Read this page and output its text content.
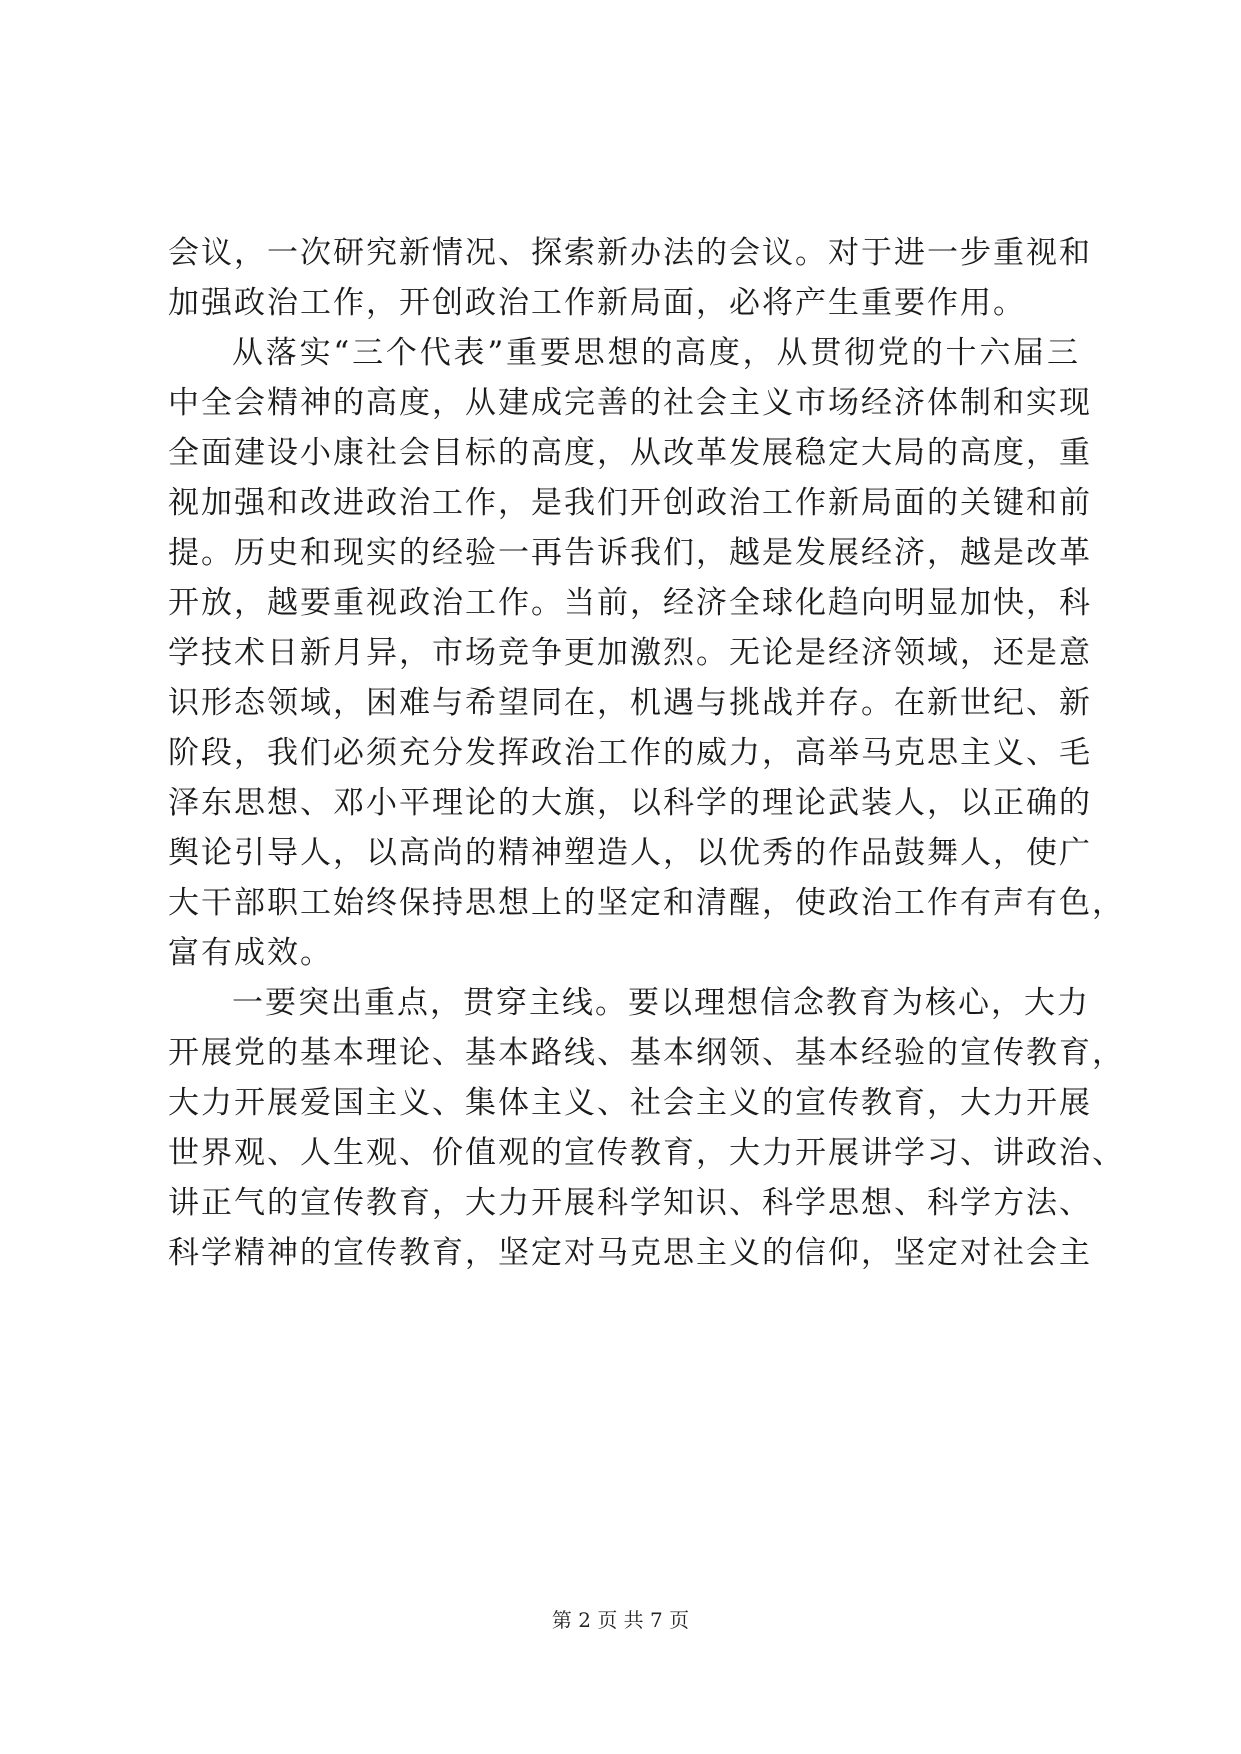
会议，一次研究新情况、探索新办法的会议。对于进一步重视和
加强政治工作，开创政治工作新局面，必将产生重要作用。
从落实“三个代表”重要思想的高度，从贯彻党的十六届三
中全会精神的高度，从建成完善的社会主义市场经济体制和实现
全面建设小康社会目标的高度，从改革发展稳定大局的高度，重
视加强和改进政治工作，是我们开创政治工作新局面的关键和前
提。历史和现实的经验一再告诉我们，越是发展经济，越是改革
开放，越要重视政治工作。当前，经济全球化趋向明显加快，科
学技术日新月异，市场竞争更加激烈。无论是经济领域，还是意
识形态领域，困难与希望同在，机遇与挑战并存。在新世纪、新
阶段，我们必须充分发挥政治工作的威力，高举马克思主义、毛
泽东思想、邓小平理论的大旗，以科学的理论武装人，以正确的
舆论引导人，以高尚的精神塑造人，以优秀的作品鼓舞人，使广
大干部职工始终保持思想上的坚定和清醒，使政治工作有声有色，
富有成效。
一要突出重点，贯穿主线。要以理想信念教育为核心，大力
开展党的基本理论、基本路线、基本纲领、基本经验的宣传教育，
大力开展爱国主义、集体主义、社会主义的宣传教育，大力开展
世界观、人生观、价值观的宣传教育，大力开展讲学习、讲政治、
讲正气的宣传教育，大力开展科学知识、科学思想、科学方法、
科学精神的宣传教育，坚定对马克思主义的信仰，坚定对社会主
第 2 页 共 7 页
